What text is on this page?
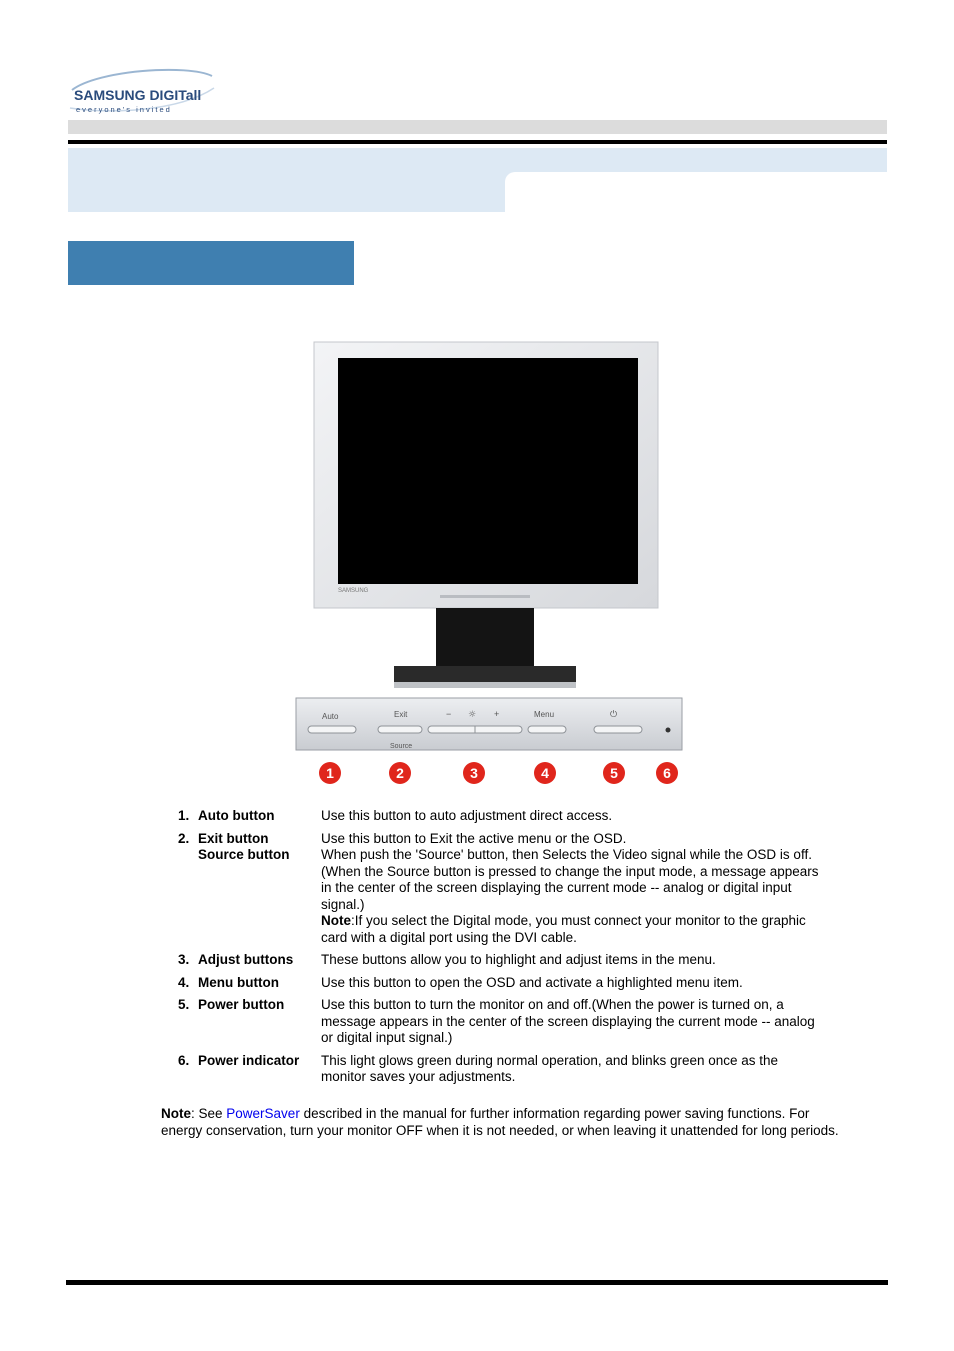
SAMSUNG DIGITall
everyone's invited
SAMSUNG
Auto	Exit
Source
− ☼ +	Menu	⏻
1	2	3	4	5	6
1. Auto button	Use this button to auto adjustment direct access.

2. Exit button
Source button

Use this button to Exit the active menu or the OSD.

When push the 'Source' button, then Selects the Video signal while the OSD is off. (When the Source button is pressed to change the input mode, a message appears in the center of the screen displaying the current mode -- analog or digital input signal.)

Note:If you select the Digital mode, you must connect your monitor to the graphic card with a digital port using the DVI cable.

3. Adjust buttons	These buttons allow you to highlight and adjust items in the menu.

4. Menu button	Use this button to open the OSD and activate a highlighted menu item.

5. Power button	Use this button to turn the monitor on and off.(When the power is turned on, a message appears in the center of the screen displaying the current mode -- analog or digital input signal.)

6. Power indicator	This light glows green during normal operation, and blinks green once as the monitor saves your adjustments.

Note: See PowerSaver described in the manual for further information regarding power saving functions. For energy conservation, turn your monitor OFF when it is not needed, or when leaving it unattended for long periods.
